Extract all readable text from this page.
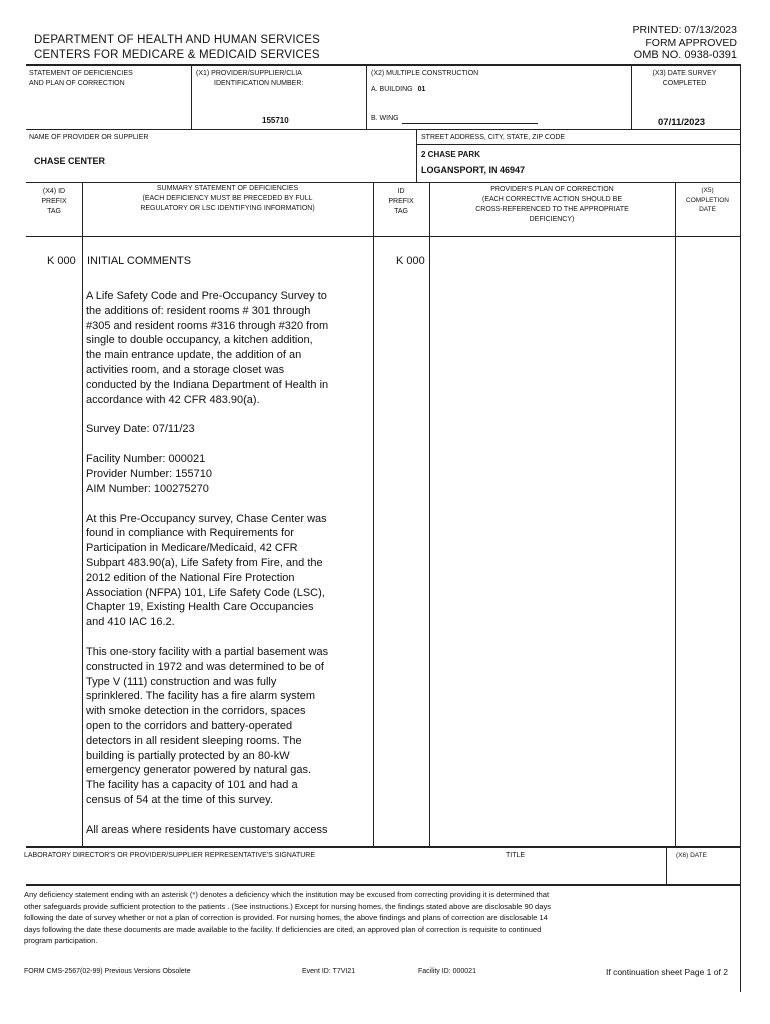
DEPARTMENT OF HEALTH AND HUMAN SERVICES
CENTERS FOR MEDICARE & MEDICAID SERVICES
PRINTED: 07/13/2023
FORM APPROVED
OMB NO. 0938-0391
STATEMENT OF DEFICIENCIES
AND PLAN OF CORRECTION
(X1) PROVIDER/SUPPLIER/CLIA
IDENTIFICATION NUMBER:
155710
(X2) MULTIPLE CONSTRUCTION
A. BUILDING 01
B. WING
(X3) DATE SURVEY
COMPLETED
07/11/2023
NAME OF PROVIDER OR SUPPLIER
CHASE CENTER
STREET ADDRESS, CITY, STATE, ZIP CODE
2 CHASE PARK
LOGANSPORT, IN 46947
(X4) ID
PREFIX
TAG
SUMMARY STATEMENT OF DEFICIENCIES
(EACH DEFICIENCY MUST BE PRECEDED BY FULL
REGULATORY OR LSC IDENTIFYING INFORMATION)
ID
PREFIX
TAG
PROVIDER'S PLAN OF CORRECTION
(EACH CORRECTIVE ACTION SHOULD BE
CROSS-REFERENCED TO THE APPROPRIATE
DEFICIENCY)
(X5)
COMPLETION
DATE
K 000 INITIAL COMMENTS	K 000
A Life Safety Code and Pre-Occupancy Survey to
the additions of: resident rooms # 301 through
#305 and resident rooms #316 through #320 from
single to double occupancy, a kitchen addition,
the main entrance update, the addition of an
activities room, and a storage closet was
conducted by the Indiana Department of Health in
accordance with 42 CFR 483.90(a).
Survey Date: 07/11/23
Facility Number: 000021
Provider Number: 155710
AIM Number: 100275270
At this Pre-Occupancy survey, Chase Center was
found in compliance with Requirements for
Participation in Medicare/Medicaid, 42 CFR
Subpart 483.90(a), Life Safety from Fire, and the
2012 edition of the National Fire Protection
Association (NFPA) 101, Life Safety Code (LSC),
Chapter 19, Existing Health Care Occupancies
and 410 IAC 16.2.
This one-story facility with a partial basement was
constructed in 1972 and was determined to be of
Type V (111) construction and was fully
sprinklered. The facility has a fire alarm system
with smoke detection in the corridors, spaces
open to the corridors and battery-operated
detectors in all resident sleeping rooms. The
building is partially protected by an 80-kW
emergency generator powered by natural gas.
The facility has a capacity of 101 and had a
census of 54 at the time of this survey.
All areas where residents have customary access
LABORATORY DIRECTOR'S OR PROVIDER/SUPPLIER REPRESENTATIVE'S SIGNATURE	TITLE	(X6) DATE
Any deficiency statement ending with an asterisk (*) denotes a deficiency which the institution may be excused from correcting providing it is determined that
other safeguards provide sufficient protection to the patients . (See instructions.) Except for nursing homes, the findings stated above are disclosable 90 days
following the date of survey whether or not a plan of correction is provided. For nursing homes, the above findings and plans of correction are disclosable 14
days following the date these documents are made available to the facility. If deficiencies are cited, an approved plan of correction is requisite to continued
program participation.
FORM CMS-2567(02-99) Previous Versions Obsolete	Event ID: T7VI21	Facility ID: 000021	If continuation sheet Page 1 of 2
